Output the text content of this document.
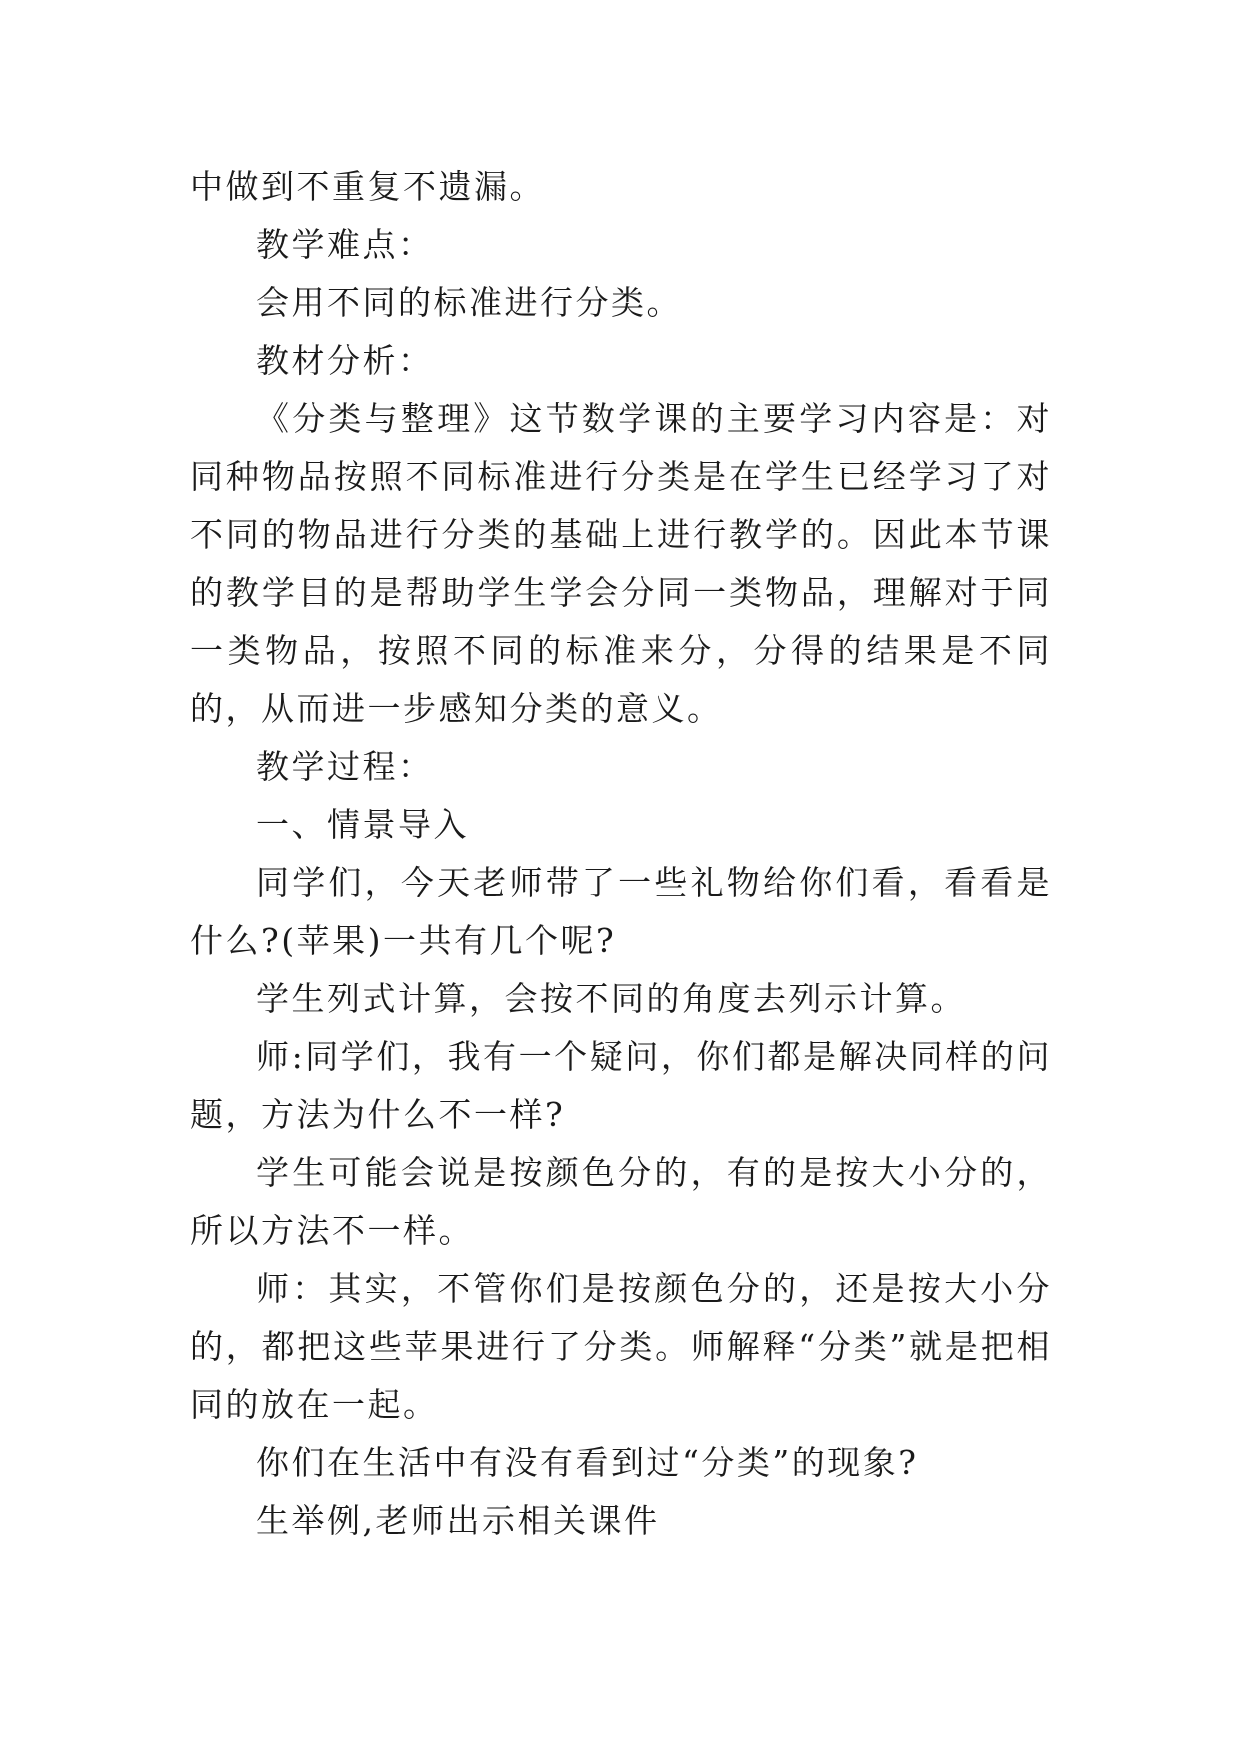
中做到不重复不遗漏。

教学难点：

会用不同的标准进行分类。

教材分析：

《分类与整理》这节数学课的主要学习内容是：对同种物品按照不同标准进行分类是在学生已经学习了对不同的物品进行分类的基础上进行教学的。因此本节课的教学目的是帮助学生学会分同一类物品，理解对于同一类物品，按照不同的标准来分，分得的结果是不同的，从而进一步感知分类的意义。

教学过程：

一、情景导入

同学们，今天老师带了一些礼物给你们看，看看是什么?(苹果)一共有几个呢?

学生列式计算，会按不同的角度去列示计算。

师:同学们，我有一个疑问，你们都是解决同样的问题，方法为什么不一样?

学生可能会说是按颜色分的，有的是按大小分的，所以方法不一样。

师：其实，不管你们是按颜色分的，还是按大小分的，都把这些苹果进行了分类。师解释“分类”就是把相同的放在一起。

你们在生活中有没有看到过“分类”的现象?

生举例,老师出示相关课件
